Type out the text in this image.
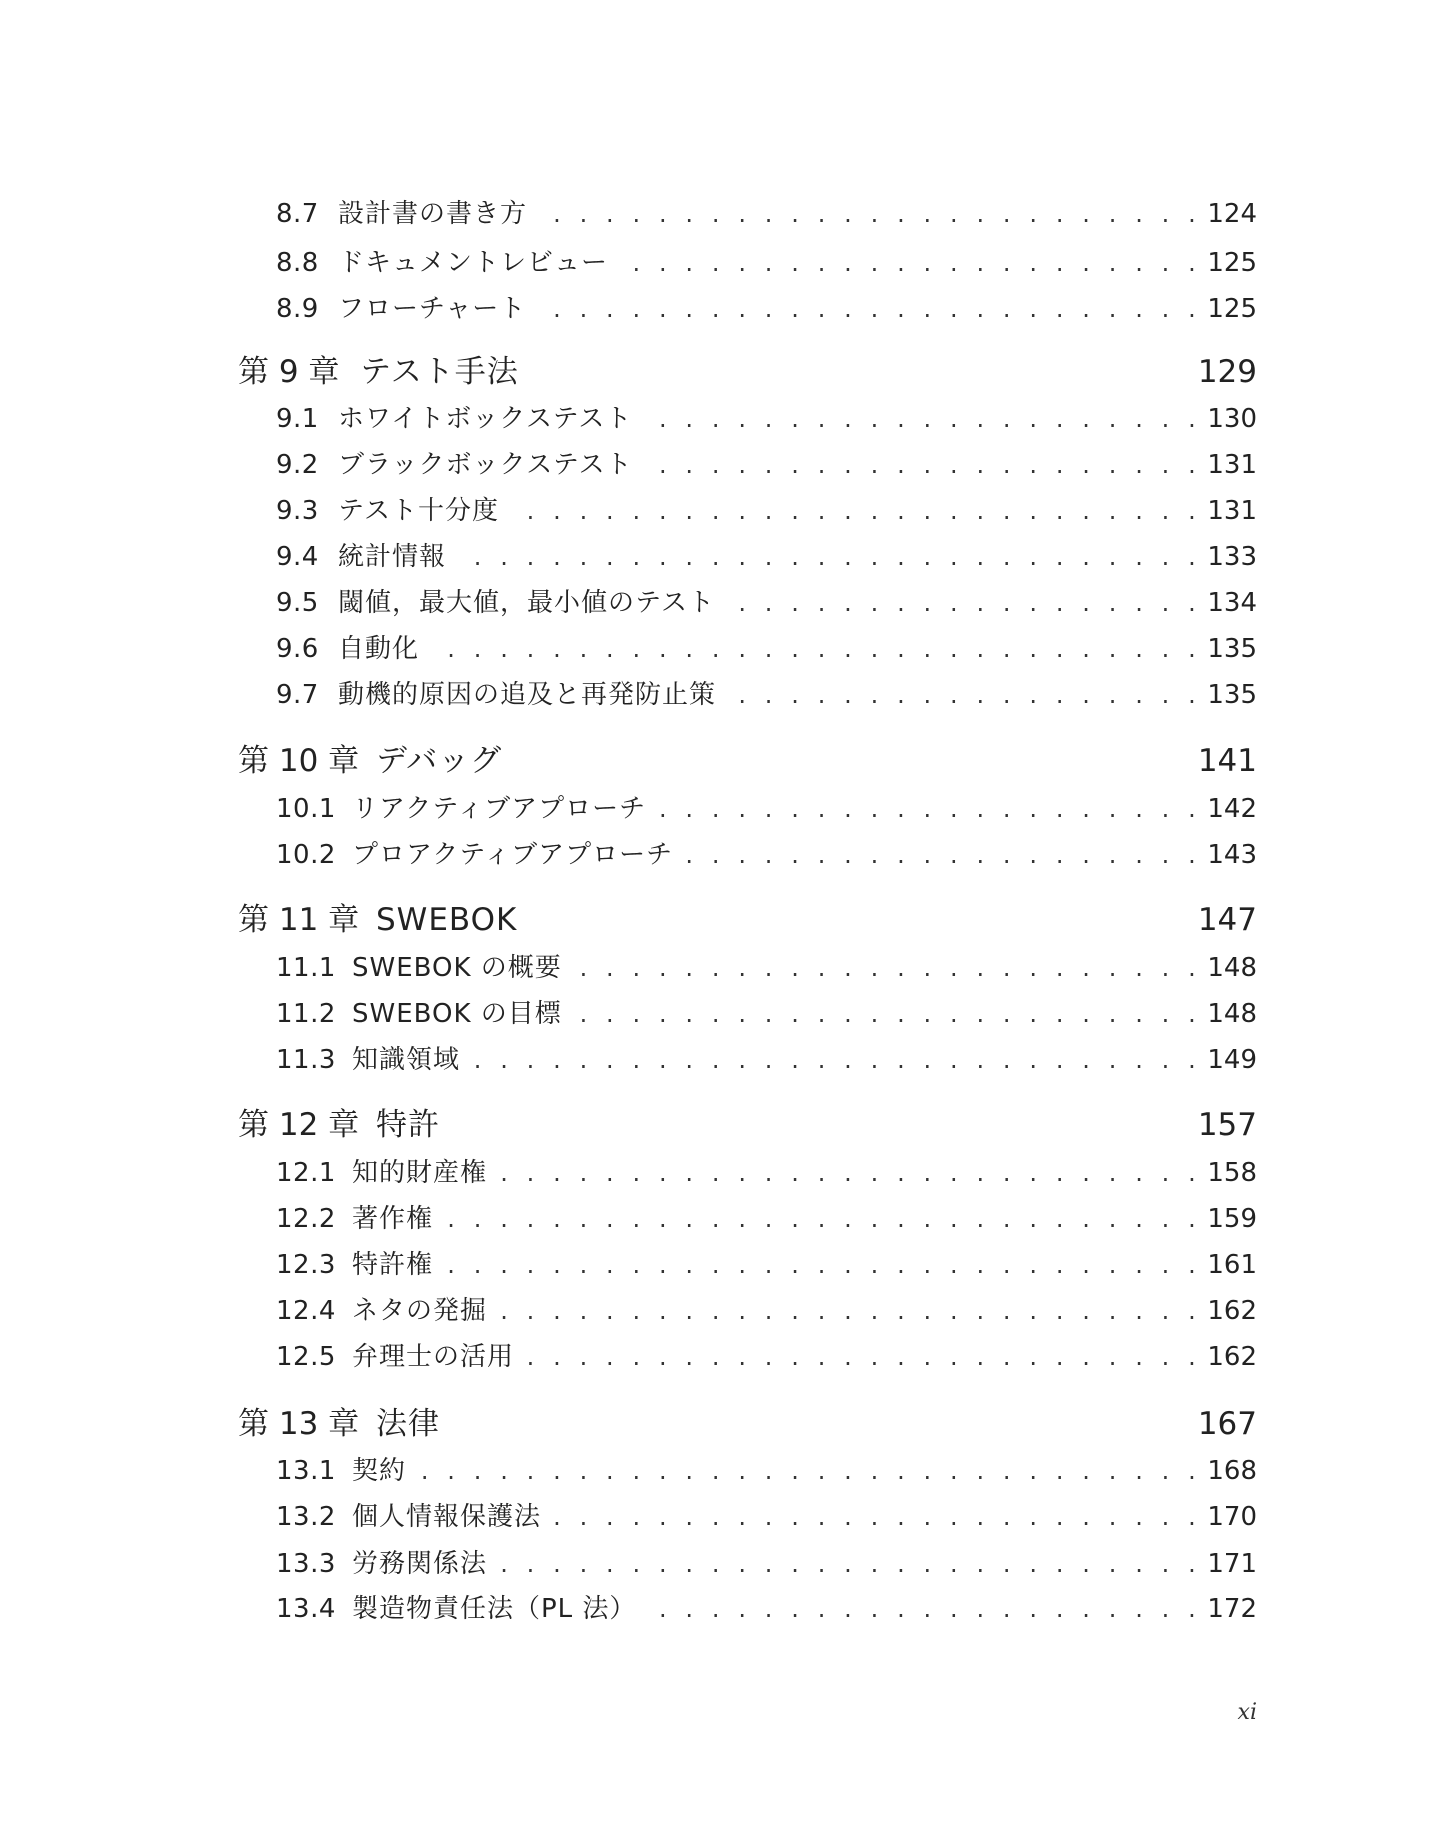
8.7 設計書の書き方 . . .	124
8.8 ドキュメントレビュー . . .	125
8.9 フローチャート . . .	125
第 9 章 テスト手法	129
9.1 ホワイトボックステスト . . .	130
9.2 ブラックボックステスト . . .	131
9.3 テスト十分度 . . .	131
9.4 統計情報 . . .	133
9.5 閾値，最大値，最小値のテスト . . .	134
9.6 自動化 . . .	135
9.7 動機的原因の追及と再発防止策 . . .	135
第 10 章 デバッグ	141
10.1 リアクティブアプローチ . . .	142
10.2 プロアクティブアプローチ . . .	143
第 11 章 SWEBOK	147
11.1 SWEBOK の概要 . . .	148
11.2 SWEBOK の目標 . . .	148
11.3 知識領域 . . .	149
第 12 章 特許	157
12.1 知的財産権 . . .	158
12.2 著作権 . . .	159
12.3 特許権 . . .	161
12.4 ネタの発掘 . . .	162
12.5 弁理士の活用 . . .	162
第 13 章 法律	167
13.1 契約 . . .	168
13.2 個人情報保護法 . . .	170
13.3 労務関係法 . . .	171
13.4 製造物責任法（PL 法） . . .	172
xi
